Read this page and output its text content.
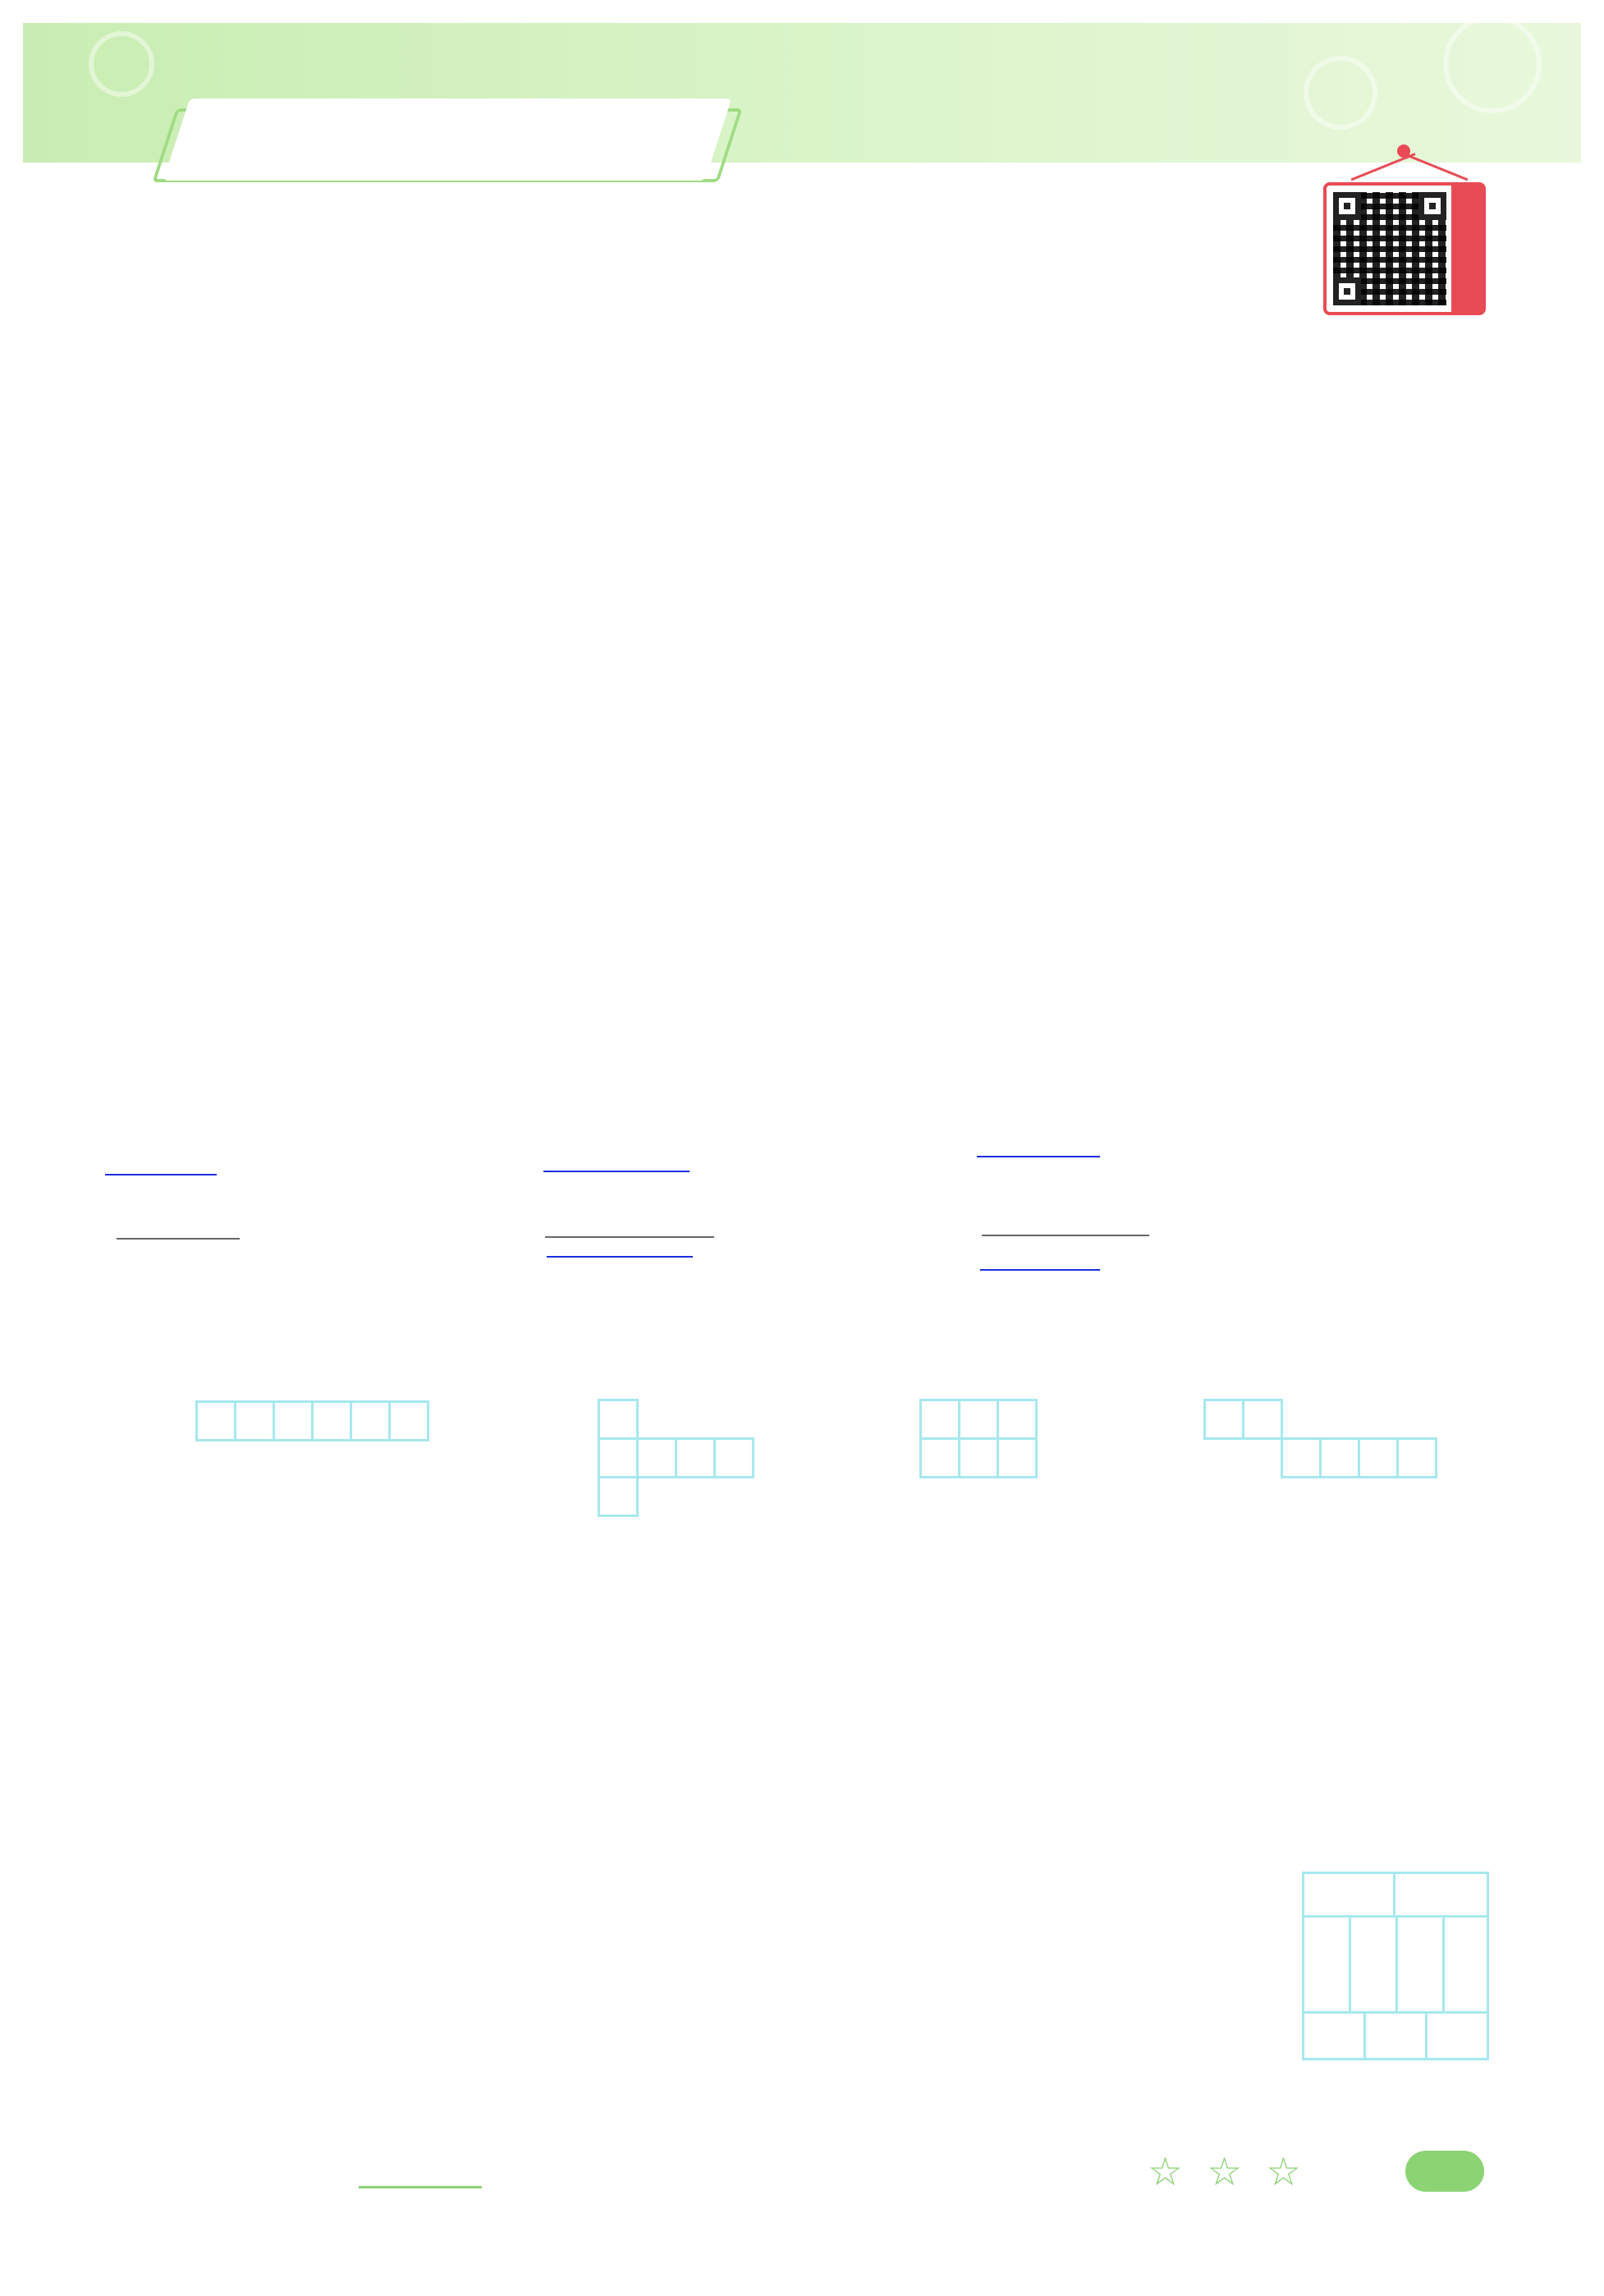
☆ ☆ ☆
